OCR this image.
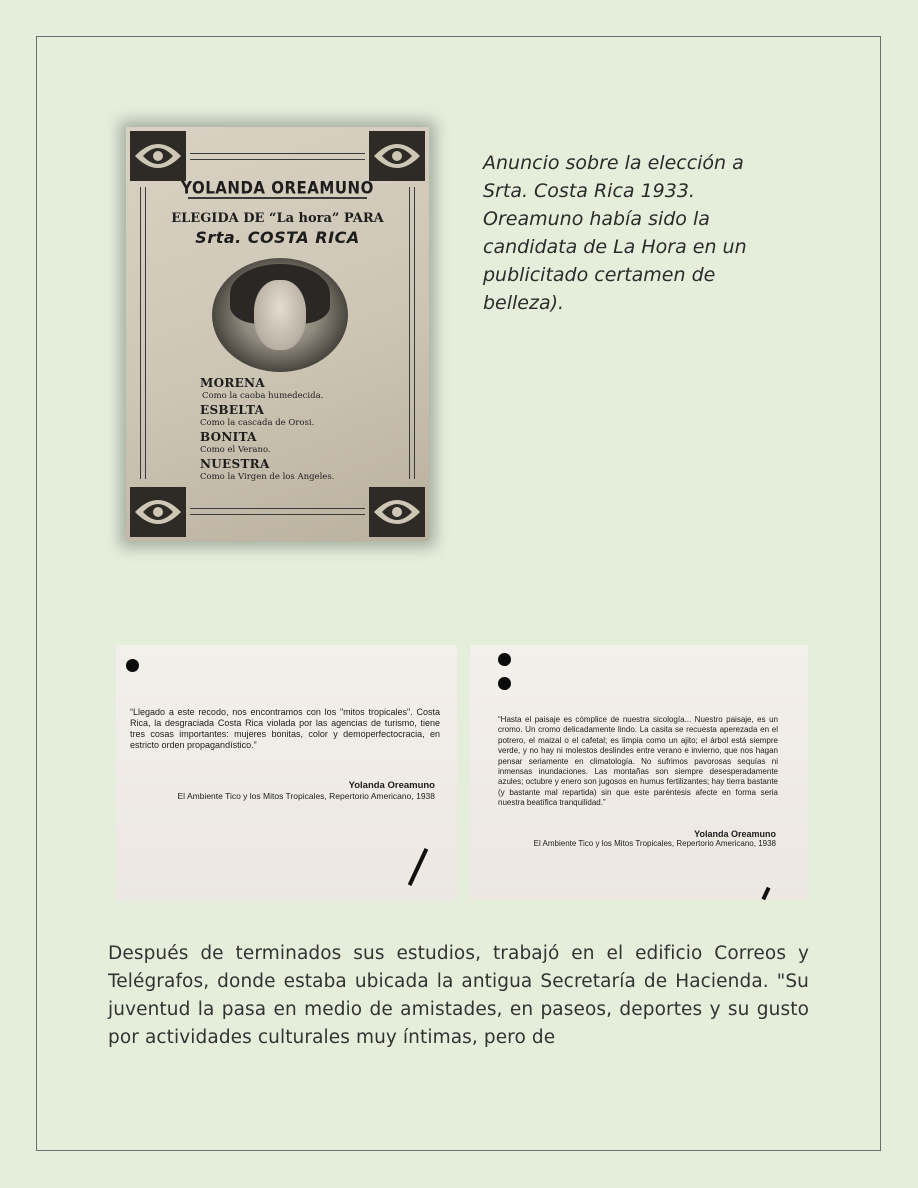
YOLANDA OREAMUNO
ELEGIDA DE “La hora” PARA
Srta. COSTA RICA
MORENA
Como la caoba humedecida.
ESBELTA
Como la cascada de Orosi.
BONITA
Como el Verano.
NUESTRA
Como la Virgen de los Angeles.
Anuncio sobre la elección a Srta. Costa Rica 1933. Oreamuno había sido la candidata de La Hora en un publicitado certamen de belleza).
“Llegado a este recodo, nos encontramos con los "mitos tropicales". Costa Rica, la desgraciada Costa Rica violada por las agencias de turismo, tiene tres cosas importantes: mujeres bonitas, color y demoperfectocracia, en estricto orden propagandístico.”
Yolanda Oreamuno
El Ambiente Tico y los Mitos Tropicales, Repertorio Americano, 1938
“Hasta el paisaje es cómplice de nuestra sicología... Nuestro paisaje, es un cromo. Un cromo delicadamente lindo. La casita se recuesta aperezada en el potrero, el maizal o el cafetal; es limpia como un ajito; el árbol está siempre verde, y no hay ni molestos deslindes entre verano e invierno, que nos hagan pensar seriamente en climatología. No sufrimos pavorosas sequías ni inmensas inundaciones. Las montañas son siempre desesperadamente azules; octubre y enero son jugosos en humus fertilizantes; hay tierra bastante (y bastante mal repartida) sin que este paréntesis afecte en forma seria nuestra beatífica tranquilidad.”
Yolanda Oreamuno
El Ambiente Tico y los Mitos Tropicales, Repertorio Americano, 1938
Después de terminados sus estudios, trabajó en el edificio Correos y Telégrafos, donde estaba ubicada la antigua Secretaría de Hacienda. "Su juventud la pasa en medio de amistades, en paseos, deportes y su gusto por actividades culturales muy íntimas, pero de
